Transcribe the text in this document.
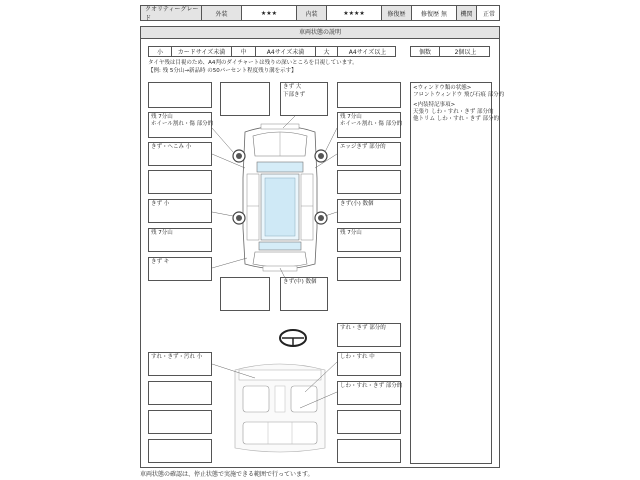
クオリティーグレード
外装	★★★	内装	★★★★	修復歴	修復歴 無	機関	正常
車両状態の説明
小	カードサイズ未満	中	A4サイズ未満	大	A4サイズ以上	個数	2個以上
タイヤ残は目視のため、A4判のダイチャートは残りの深いところを目視しています。
【例: 残 5分山→新品時 の50パーセント程度残り溝を示す】
残 7分山
ホイール割れ・傷 部分的
きず・へこみ 小
きず 小
残 7分山
きず キ
すれ・きず・汚れ 小
きず 大
下部きず
きず(中) 数個
残 7分山
ホイール割れ・傷 部分的
エッジきず 部分的
きず(小) 数個
残 7分山
すれ・きず 部分的
しわ・すれ 中
しわ・すれ・きず 部分的
<ウィンドウ類の状態>
フロントウィンドウ 飛び石痕 部分的
<内装特記事項>
天張り しわ・すれ・きず 部分的
他トリム しわ・すれ・きず 部分的
車両状態の確認は、停止状態で実施できる範囲で行っています。
